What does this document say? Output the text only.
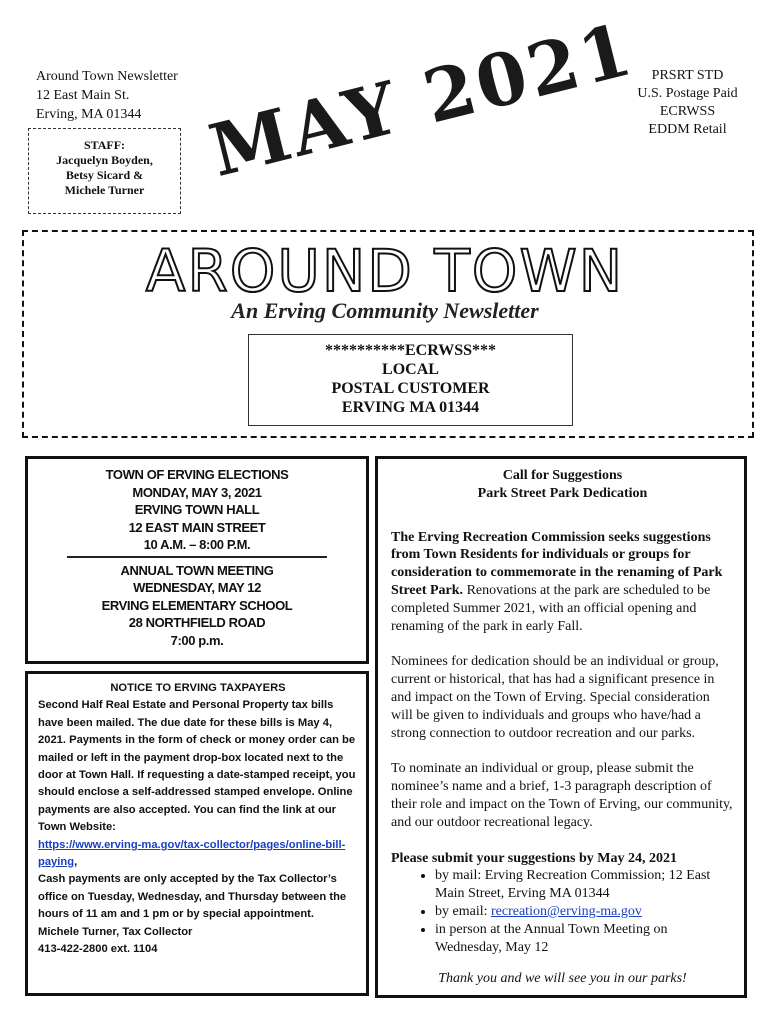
Around Town Newsletter
12 East Main St.
Erving, MA 01344
STAFF:
Jacquelyn Boyden,
Betsy Sicard &
Michele Turner
PRSRT STD
U.S. Postage Paid
ECRWSS
EDDM Retail
MAY 2021
AROUND TOWN
An Erving Community Newsletter
**********ECRWSS***
LOCAL
POSTAL CUSTOMER
ERVING MA 01344
TOWN OF ERVING ELECTIONS
MONDAY, MAY 3, 2021
ERVING TOWN HALL
12 EAST MAIN STREET
10 A.M. – 8:00 P.M.
ANNUAL TOWN MEETING
WEDNESDAY, MAY 12
ERVING ELEMENTARY SCHOOL
28 NORTHFIELD ROAD
7:00 p.m.
NOTICE TO ERVING TAXPAYERS
Second Half Real Estate and Personal Property tax bills have been mailed. The due date for these bills is May 4, 2021. Payments in the form of check or money order can be mailed or left in the payment drop-box located next to the door at Town Hall. If requesting a date-stamped receipt, you should enclose a self-addressed stamped envelope. Online payments are also accepted. You can find the link at our Town Website:
https://www.erving-ma.gov/tax-collector/pages/online-bill-paying,
Cash payments are only accepted by the Tax Collector’s office on Tuesday, Wednesday, and Thursday between the hours of 11 am and 1 pm or by special appointment.
Michele Turner, Tax Collector
413-422-2800 ext. 1104
Call for Suggestions
Park Street Park Dedication

The Erving Recreation Commission seeks suggestions from Town Residents for individuals or groups for consideration to commemorate in the renaming of Park Street Park. Renovations at the park are scheduled to be completed Summer 2021, with an official opening and renaming of the park in early Fall.

Nominees for dedication should be an individual or group, current or historical, that has had a significant presence in and impact on the Town of Erving. Special consideration will be given to individuals and groups who have/had a strong connection to outdoor recreation and our parks.

To nominate an individual or group, please submit the nominee’s name and a brief, 1-3 paragraph description of their role and impact on the Town of Erving, our community, and our outdoor recreational legacy.

Please submit your suggestions by May 24, 2021

• by mail: Erving Recreation Commission; 12 East Main Street, Erving MA 01344
• by email: recreation@erving-ma.gov
• in person at the Annual Town Meeting on Wednesday, May 12
Thank you and we will see you in our parks!
